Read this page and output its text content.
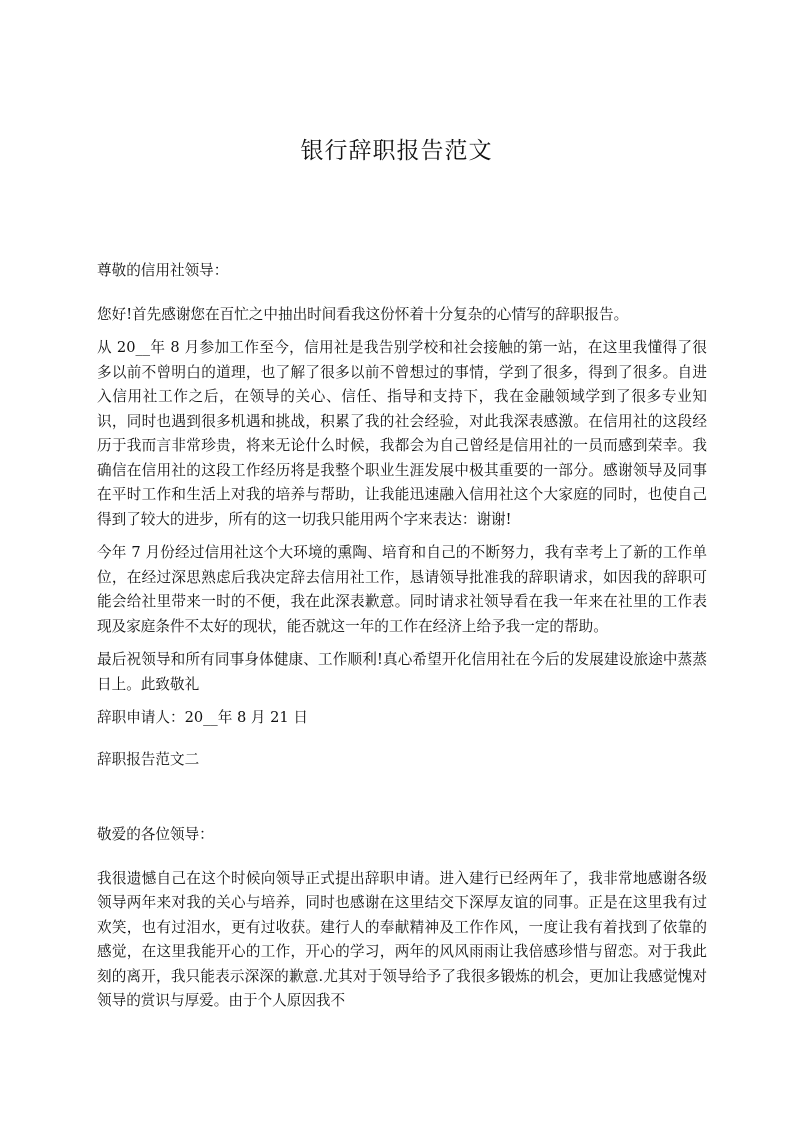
银行辞职报告范文

尊敬的信用社领导：

您好!首先感谢您在百忙之中抽出时间看我这份怀着十分复杂的心情写的辞职报告。

从 20__年 8 月参加工作至今，信用社是我告别学校和社会接触的第一站，在这里我懂得了很多以前不曾明白的道理，也了解了很多以前不曾想过的事情，学到了很多，得到了很多。自进入信用社工作之后，在领导的关心、信任、指导和支持下，我在金融领域学到了很多专业知识，同时也遇到很多机遇和挑战，积累了我的社会经验，对此我深表感激。在信用社的这段经历于我而言非常珍贵，将来无论什么时候，我都会为自己曾经是信用社的一员而感到荣幸。我确信在信用社的这段工作经历将是我整个职业生涯发展中极其重要的一部分。感谢领导及同事在平时工作和生活上对我的培养与帮助，让我能迅速融入信用社这个大家庭的同时，也使自己得到了较大的进步，所有的这一切我只能用两个字来表达：谢谢!

今年 7 月份经过信用社这个大环境的熏陶、培育和自己的不断努力，我有幸考上了新的工作单位，在经过深思熟虑后我决定辞去信用社工作，恳请领导批准我的辞职请求，如因我的辞职可能会给社里带来一时的不便，我在此深表歉意。同时请求社领导看在我一年来在社里的工作表现及家庭条件不太好的现状，能否就这一年的工作在经济上给予我一定的帮助。

最后祝领导和所有同事身体健康、工作顺利!真心希望开化信用社在今后的发展建设旅途中蒸蒸日上。此致敬礼

辞职申请人：20__年 8 月 21 日

辞职报告范文二

敬爱的各位领导：

我很遗憾自己在这个时候向领导正式提出辞职申请。进入建行已经两年了，我非常地感谢各级领导两年来对我的关心与培养，同时也感谢在这里结交下深厚友谊的同事。正是在这里我有过欢笑，也有过泪水，更有过收获。建行人的奉献精神及工作作风，一度让我有着找到了依靠的感觉，在这里我能开心的工作，开心的学习，两年的风风雨雨让我倍感珍惜与留恋。对于我此刻的离开，我只能表示深深的歉意.尤其对于领导给予了我很多锻炼的机会，更加让我感觉愧对领导的赏识与厚爱。由于个人原因我不
